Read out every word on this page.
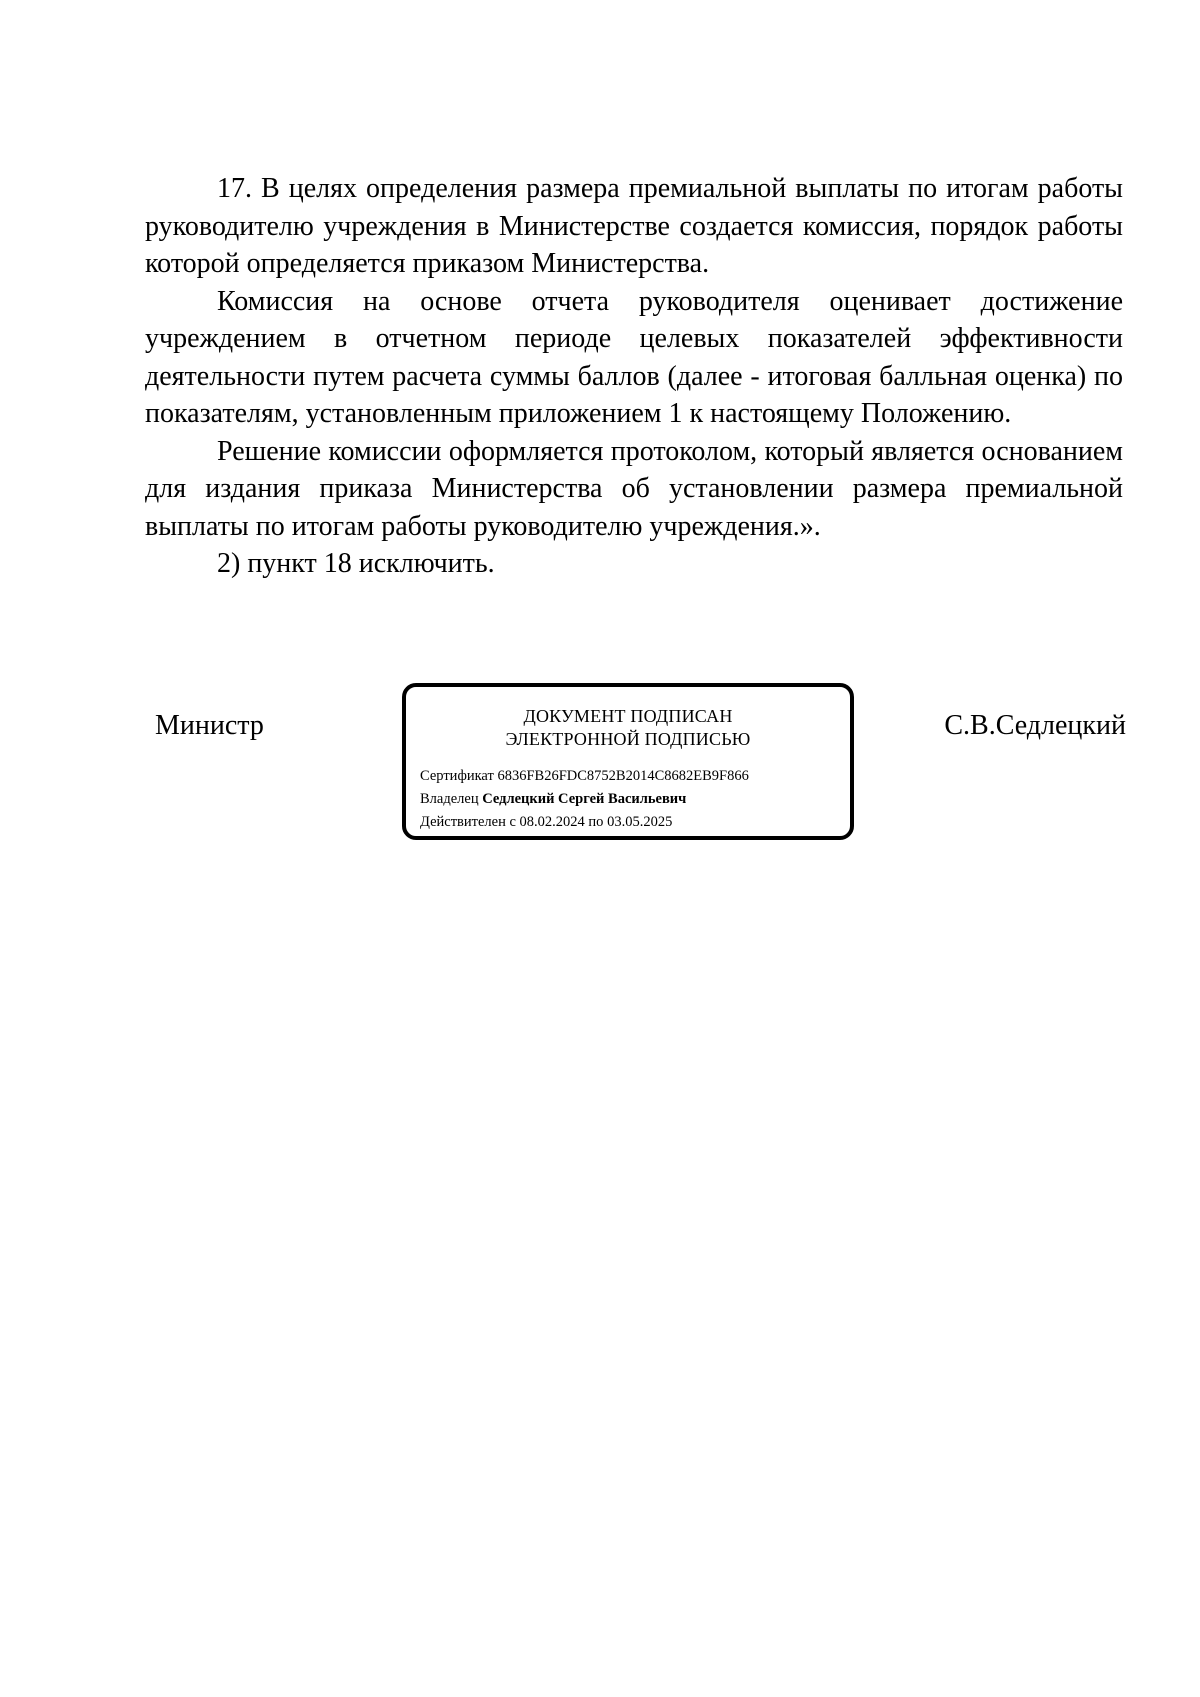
17. В целях определения размера премиальной выплаты по итогам работы руководителю учреждения в Министерстве создается комиссия, порядок работы которой определяется приказом Министерства.

Комиссия на основе отчета руководителя оценивает достижение учреждением в отчетном периоде целевых показателей эффективности деятельности путем расчета суммы баллов (далее - итоговая балльная оценка) по показателям, установленным приложением 1 к настоящему Положению.

Решение комиссии оформляется протоколом, который является основанием для издания приказа Министерства об установлении размера премиальной выплаты по итогам работы руководителю учреждения.».

2) пункт 18 исключить.

Министр	ДОКУМЕНТ ПОДПИСАН
ЭЛЕКТРОННОЙ ПОДПИСЬЮ
Сертификат 6836FB26FDC8752B2014C8682EB9F866
Владелец Седлецкий Сергей Васильевич
Действителен с 08.02.2024 по 03.05.2025
С.В.Седлецкий
